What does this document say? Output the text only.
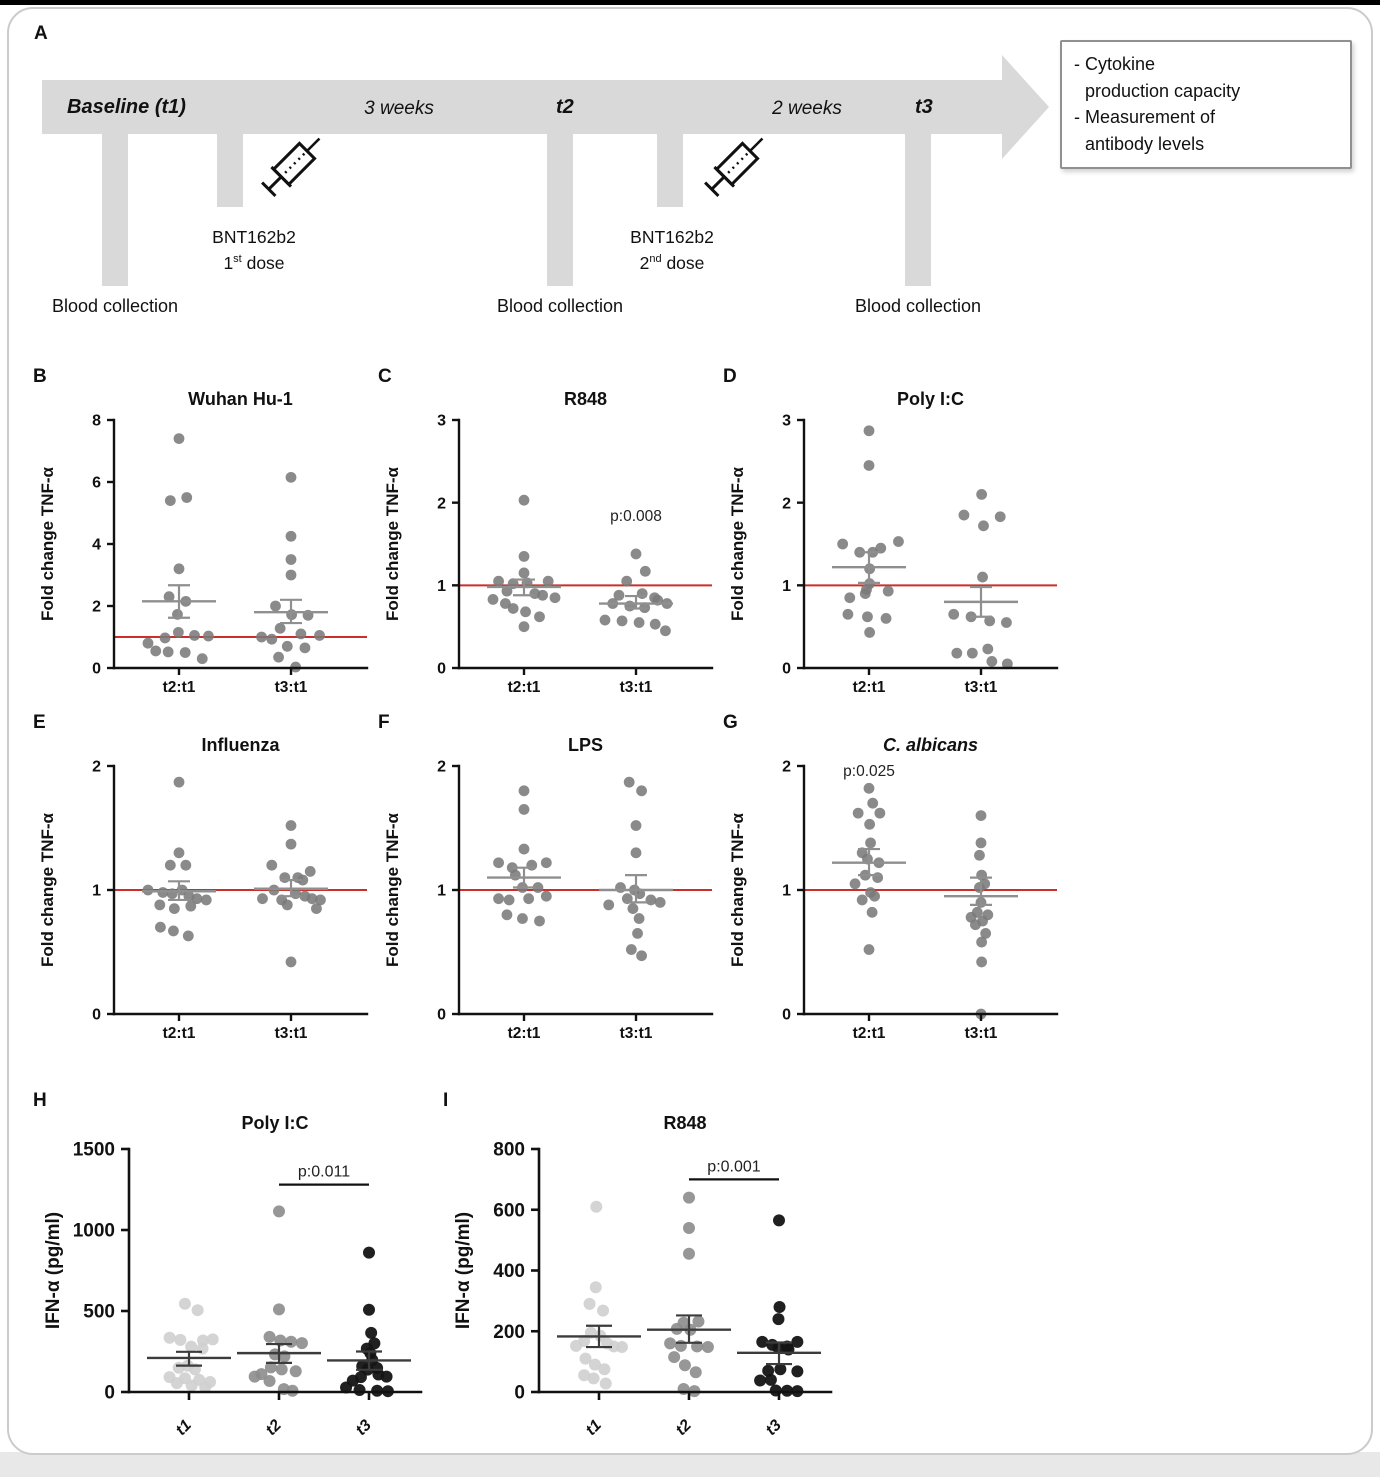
A
Baseline (t1)	3 weeks	t2	2 weeks	t3
BNT162b2
1st dose
BNT162b2
2nd dose
Blood collection	Blood collection	Blood collection
- Cytokine
production capacity
- Measurement of
antibody levels
B
Wuhan Hu-1
0
2
4
6
8
t2:t1	t3:t1
Fold change TNF-α
C
R848
0
1
2
3
t2:t1	t3:t1
Fold change TNF-α	p:0.008
D
Poly I:C
0
1
2
3
t2:t1	t3:t1
Fold change TNF-α
E
Influenza
0
1
2
t2:t1	t3:t1
Fold change TNF-α
F
LPS
0
1
2
t2:t1	t3:t1
Fold change TNF-α
G
C. albicans
0
1
2
t2:t1	t3:t1
Fold change TNF-α
p:0.025
H
Poly I:C
0
500
1000
1500
t1	t2	t3
IFN-α (pg/ml)
p:0.011
I
R848
0
200
400
600
800
t1	t2	t3
IFN-α (pg/ml)
p:0.001
